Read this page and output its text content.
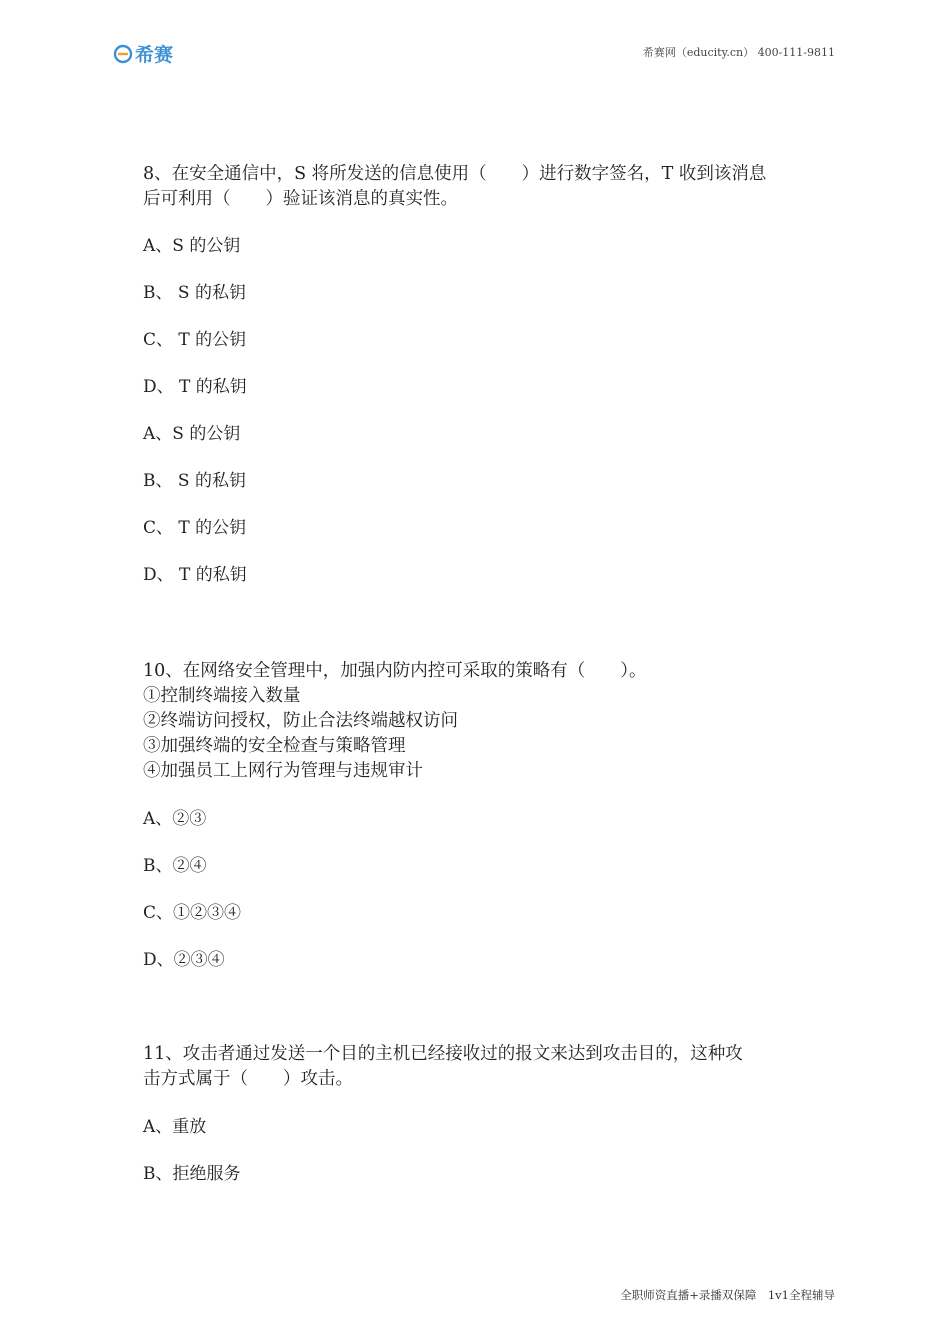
希赛	希赛网（educity.cn） 400-111-9811

8、在安全通信中，S 将所发送的信息使用（　　）进行数字签名，T 收到该消息

后可利用（　　）验证该消息的真实性。

A、S 的公钥

B、 S 的私钥

C、 T 的公钥

D、 T 的私钥

A、S 的公钥

B、 S 的私钥

C、 T 的公钥

D、 T 的私钥

10、在网络安全管理中，加强内防内控可采取的策略有（　　）。

①控制终端接入数量

②终端访问授权，防止合法终端越权访问

③加强终端的安全检查与策略管理

④加强员工上网行为管理与违规审计

A、②③

B、②④

C、①②③④

D、②③④

11、攻击者通过发送一个目的主机已经接收过的报文来达到攻击目的，这种攻

击方式属于（　　）攻击。

A、重放

B、拒绝服务

全职师资直播+录播双保障　1v1全程辅导
